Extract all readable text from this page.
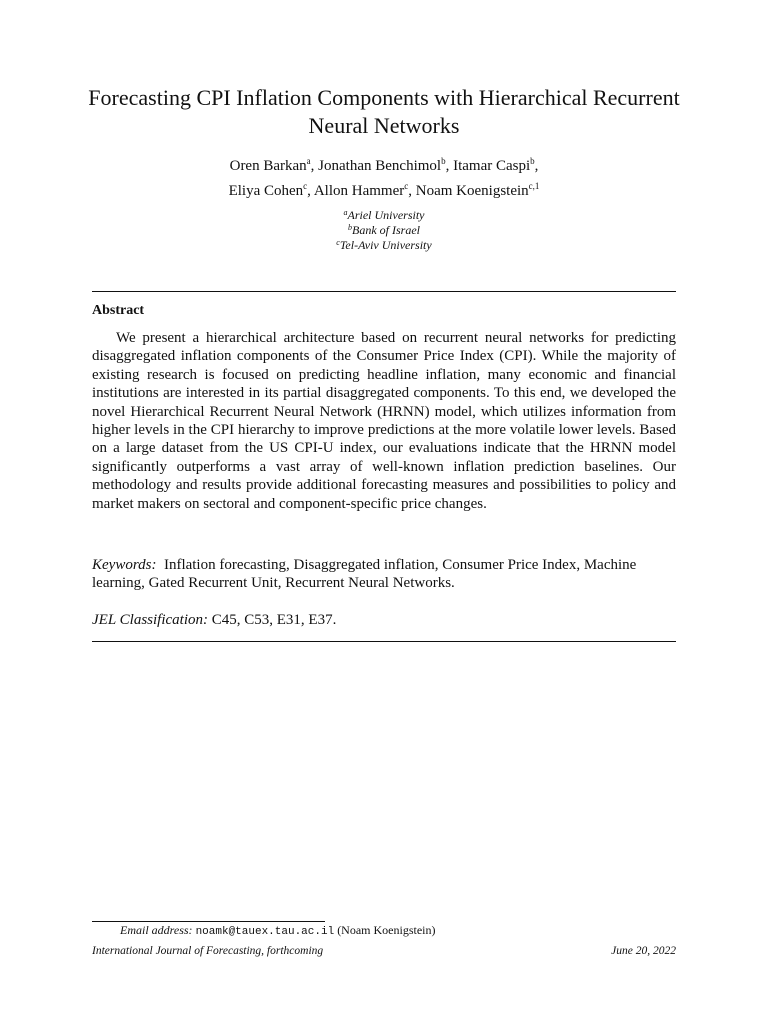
Forecasting CPI Inflation Components with Hierarchical Recurrent Neural Networks
Oren Barkan$^a$, Jonathan Benchimol$^b$, Itamar Caspi$^b$,
Eliya Cohen$^c$, Allon Hammer$^c$, Noam Koenigstein$^{c,1}$
$^a$Ariel University
$^b$Bank of Israel
$^c$Tel-Aviv University
Abstract

We present a hierarchical architecture based on recurrent neural networks for predicting disaggregated inflation components of the Consumer Price Index (CPI). While the majority of existing research is focused on predicting headline inflation, many economic and financial institutions are interested in its partial disaggregated components. To this end, we developed the novel Hierarchical Recurrent Neural Network (HRNN) model, which utilizes information from higher levels in the CPI hierarchy to improve predictions at the more volatile lower levels. Based on a large dataset from the US CPI-U index, our evaluations indicate that the HRNN model significantly outperforms a vast array of well-known inflation prediction baselines. Our methodology and results provide additional forecasting measures and possibilities to policy and market makers on sectoral and component-specific price changes.

Keywords: Inflation forecasting, Disaggregated inflation, Consumer Price Index, Machine learning, Gated Recurrent Unit, Recurrent Neural Networks.

JEL Classification: C45, C53, E31, E37.

Email address: noamk@tauex.tau.ac.il (Noam Koenigstein)
International Journal of Forecasting, forthcoming	June 20, 2022
